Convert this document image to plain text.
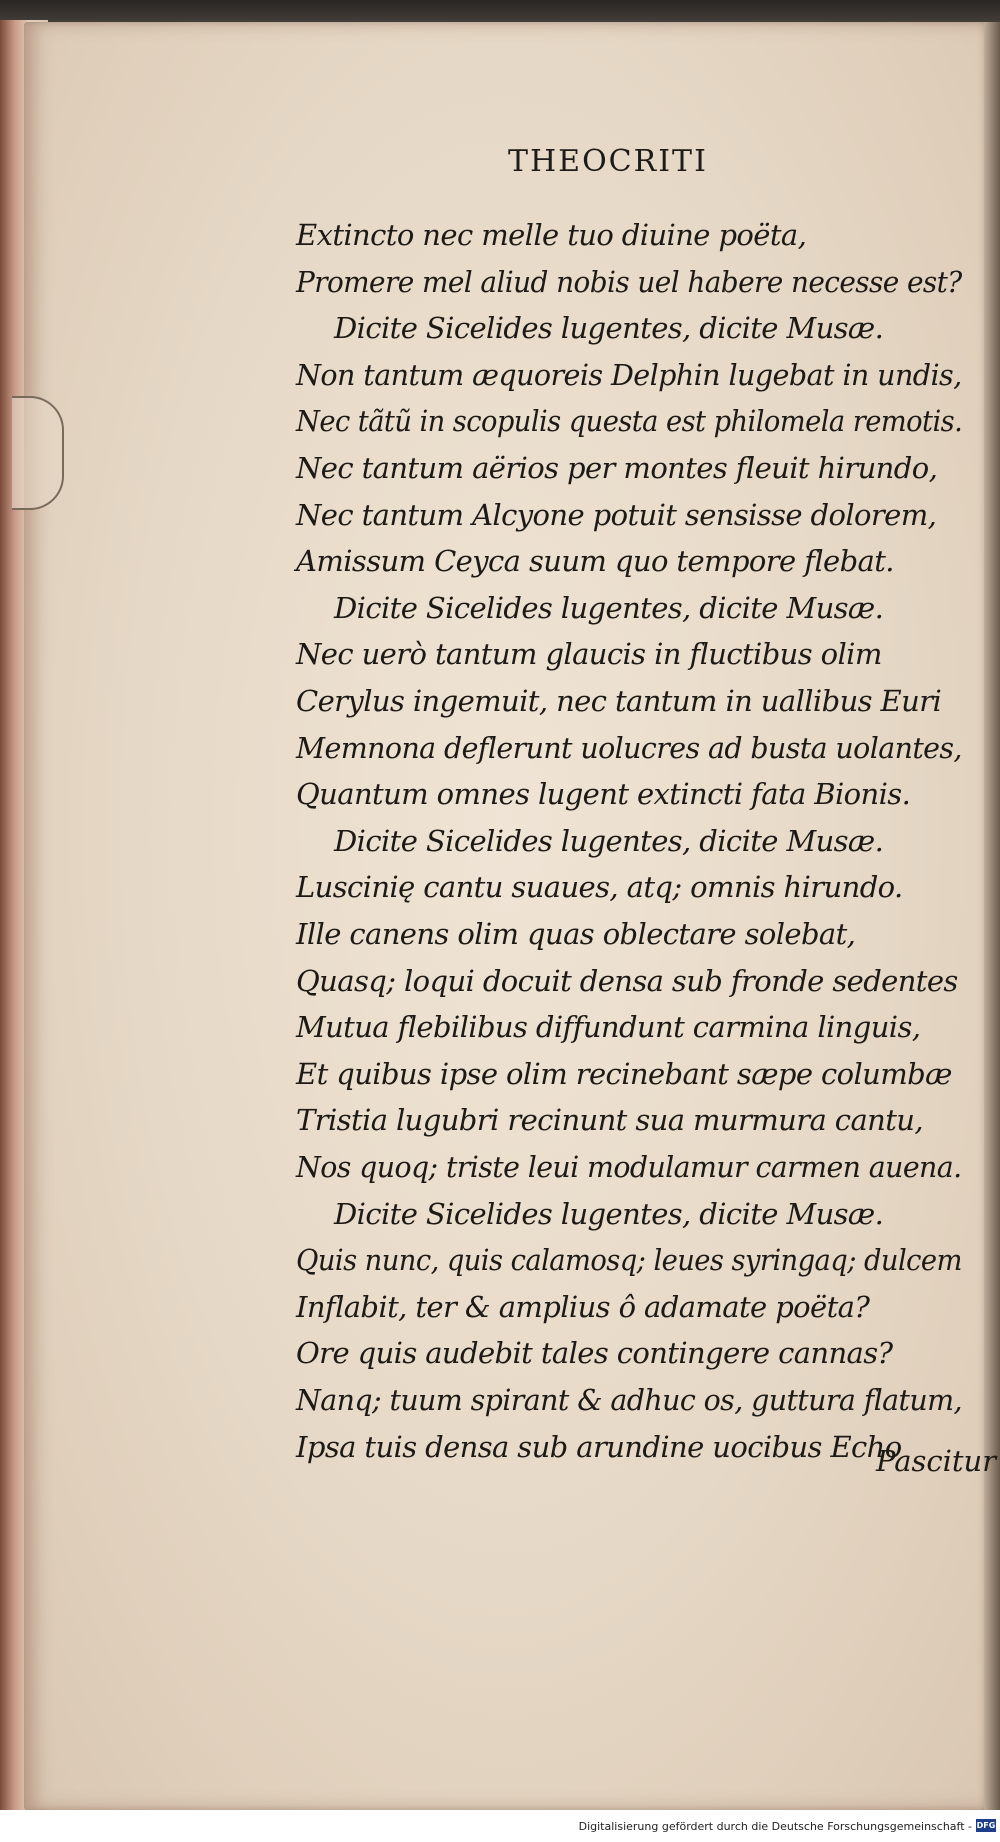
THEOCRITI
Extincto nec melle tuo diuine poëta,
Promere mel aliud nobis uel habere necesse est?
Dicite Sicelides lugentes, dicite Musæ.
Non tantum æquoreis Delphin lugebat in undis,
Nec tãtũ in scopulis questa est philomela remotis.
Nec tantum aërios per montes fleuit hirundo,
Nec tantum Alcyone potuit sensisse dolorem,
Amissum Ceyca suum quo tempore flebat.
Dicite Sicelides lugentes, dicite Musæ.
Nec uerò tantum glaucis in fluctibus olim
Cerylus ingemuit, nec tantum in uallibus Euri
Memnona deflerunt uolucres ad busta uolantes,
Quantum omnes lugent extincti fata Bionis.
Dicite Sicelides lugentes, dicite Musæ.
Luscinię cantu suaues, atq; omnis hirundo.
Ille canens olim quas oblectare solebat,
Quasq; loqui docuit densa sub fronde sedentes
Mutua flebilibus diffundunt carmina linguis,
Et quibus ipse olim recinebant sæpe columbæ
Tristia lugubri recinunt sua murmura cantu,
Nos quoq; triste leui modulamur carmen auena.
Dicite Sicelides lugentes, dicite Musæ.
Quis nunc, quis calamosq; leues syringaq; dulcem
Inflabit, ter & amplius ô adamate poëta?
Ore quis audebit tales contingere cannas?
Nanq; tuum spirant & adhuc os, guttura flatum,
Ipsa tuis densa sub arundine uocibus Echo
Pascitur
Digitalisierung gefördert durch die Deutsche Forschungsgemeinschaft - DFG
